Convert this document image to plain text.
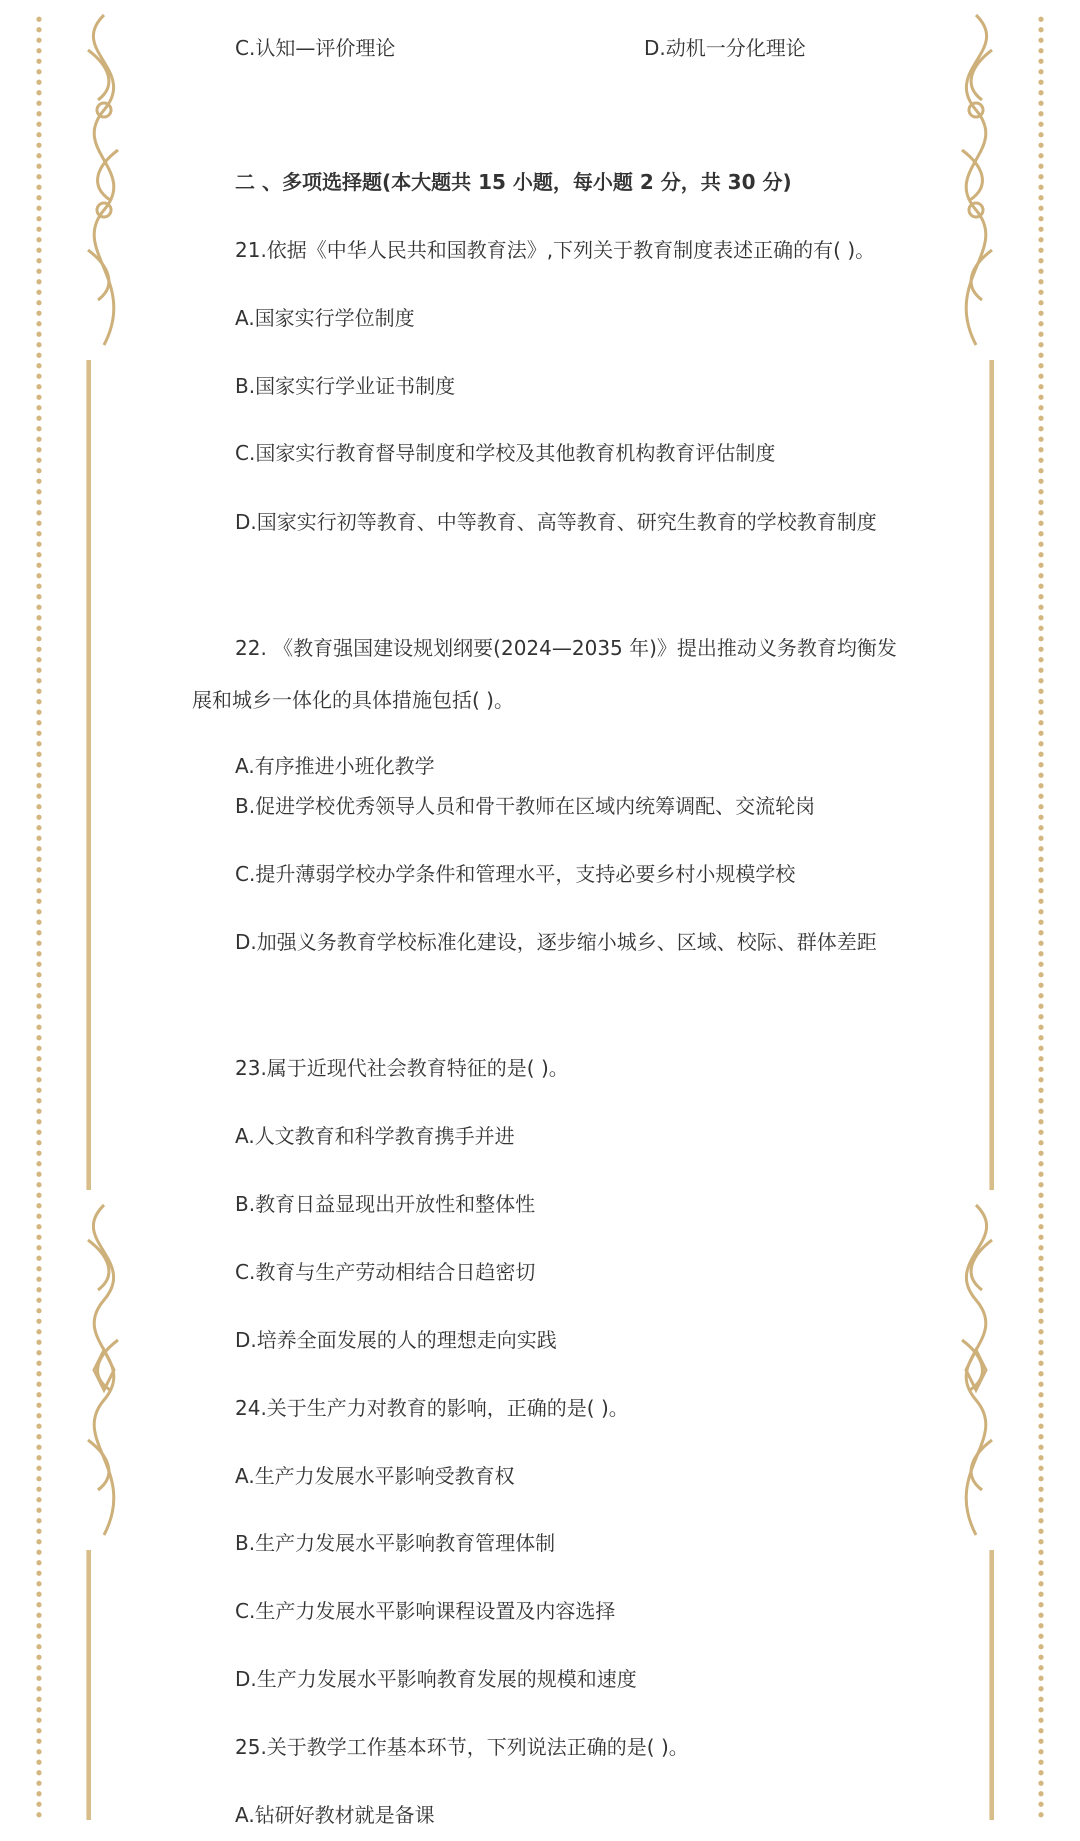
C.认知—评价理论	D.动机一分化理论
二 、多项选择题(本大题共 15 小题，每小题 2 分，共 30 分)
21.依据《中华人民共和国教育法》,下列关于教育制度表述正确的有( )。
A.国家实行学位制度
B.国家实行学业证书制度
C.国家实行教育督导制度和学校及其他教育机构教育评估制度
D.国家实行初等教育、中等教育、高等教育、研究生教育的学校教育制度
22. 《教育强国建设规划纲要(2024—2035 年)》提出推动义务教育均衡发展和城乡一体化的具体措施包括( )。
A.有序推进小班化教学
B.促进学校优秀领导人员和骨干教师在区域内统筹调配、交流轮岗
C.提升薄弱学校办学条件和管理水平，支持必要乡村小规模学校
D.加强义务教育学校标准化建设，逐步缩小城乡、区域、校际、群体差距
23.属于近现代社会教育特征的是( )。
A.人文教育和科学教育携手并进
B.教育日益显现出开放性和整体性
C.教育与生产劳动相结合日趋密切
D.培养全面发展的人的理想走向实践
24.关于生产力对教育的影响，正确的是( )。
A.生产力发展水平影响受教育权
B.生产力发展水平影响教育管理体制
C.生产力发展水平影响课程设置及内容选择
D.生产力发展水平影响教育发展的规模和速度
25.关于教学工作基本环节，下列说法正确的是( )。
A.钻研好教材就是备课
